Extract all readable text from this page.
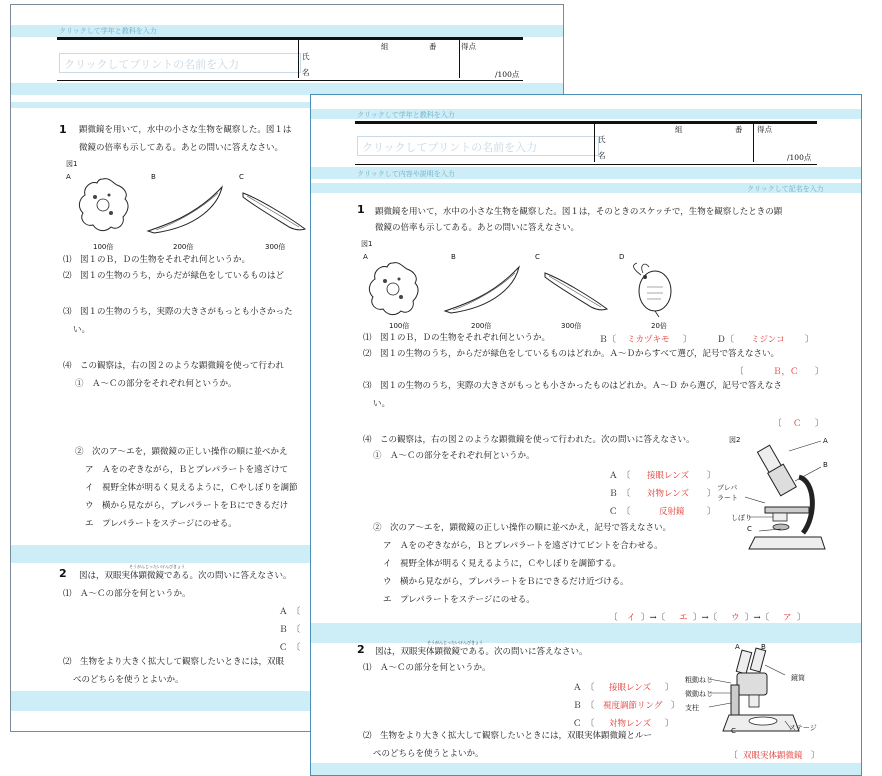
クリックして学年と教科を入力
クリックしてプリントの名前を入力
組	番
氏
名
得点
/100点
1 顕微鏡を用いて，水中の小さな生物を観察した。図１は
微鏡の倍率も示してある。あとの問いに答えなさい。
図1
A	B	C
100倍	200倍	300倍
⑴　図１のＢ，Ｄの生物をそれぞれ何というか。
⑵　図１の生物のうち，からだが緑色をしているものはど
⑶　図１の生物のうち，実際の大きさがもっとも小さかった
い。
⑷　この観察は，右の図２のような顕微鏡を使って行われ
①　Ａ～Ｃの部分をそれぞれ何というか。
②　次のア～エを，顕微鏡の正しい操作の順に並べかえ
ア　Ａをのぞきながら，Ｂとプレパラートを遠ざけて
イ　視野全体が明るく見えるように，Ｃやしぼりを調節
ウ　横から見ながら，プレパラートをＢにできるだけ
エ　プレパラートをステージにのせる。
2
そうがんじったいけんびきょう
図は，双眼実体顕微鏡である。次の問いに答えなさい。
⑴　Ａ～Ｃの部分を何というか。
Ａ　〔
Ｂ　〔
Ｃ　〔
⑵　生物をより大きく拡大して観察したいときには，双眼
べのどちらを使うとよいか。
クリックして学年と教科を入力
クリックしてプリントの名前を入力
組	番
氏
名
得点
/100点
クリックして内容や説明を入力
クリックして記名を入力
1 顕微鏡を用いて，水中の小さな生物を観察した。図１は，そのときのスケッチで，生物を観察したときの顕
微鏡の倍率も示してある。あとの問いに答えなさい。
図1
A	B	C	D
100倍	200倍	300倍	20倍
⑴　図１のＢ，Ｄの生物をそれぞれ何というか。	Ｂ〔 ミカヅキモ 〕	Ｄ〔 ミジンコ 〕
⑵　図１の生物のうち，からだが緑色をしているものはどれか。Ａ～Ｄからすべて選び，記号で答えなさい。
〔	Ｂ，Ｃ 〕
⑶　図１の生物のうち，実際の大きさがもっとも小さかったものはどれか。Ａ～Ｄ から選び，記号で答えなさ
い。
〔 Ｃ 〕
⑷　この観察は，右の図２のような顕微鏡を使って行われた。次の問いに答えなさい。	図2
①　Ａ～Ｃの部分をそれぞれ何というか。
Ａ　〔 接眼レンズ 〕
Ｂ　〔 対物レンズ 〕
Ｃ　〔	反射鏡	〕
A
B
プレパ
ラート
しぼり
C
②　次のア～エを，顕微鏡の正しい操作の順に並べかえ，記号で答えなさい。
ア　Ａをのぞきながら，Ｂとプレパラートを遠ざけてピントを合わせる。
イ　視野全体が明るく見えるように，Ｃやしぼりを調節する。
ウ　横から見ながら，プレパラートをＢにできるだけ近づける。
エ　プレパラートをステージにのせる。
〔 イ 〕→〔 エ 〕→〔 ウ 〕→〔 ア 〕
2
そうがんじったいけんびきょう
図は，双眼実体顕微鏡である。次の問いに答えなさい。
⑴　Ａ～Ｃの部分を何というか。
Ａ　〔 接眼レンズ 〕
Ｂ　〔 視度調節リング 〕
Ｃ　〔 対物レンズ 〕
A	B
粗動ねじ
微動ねじ
支柱
鏡筒
ステージ
C
⑵　生物をより大きく拡大して観察したいときには，双眼実体顕微鏡とルー
ぺのどちらを使うとよいか。	〔 双眼実体顕微鏡 〕
